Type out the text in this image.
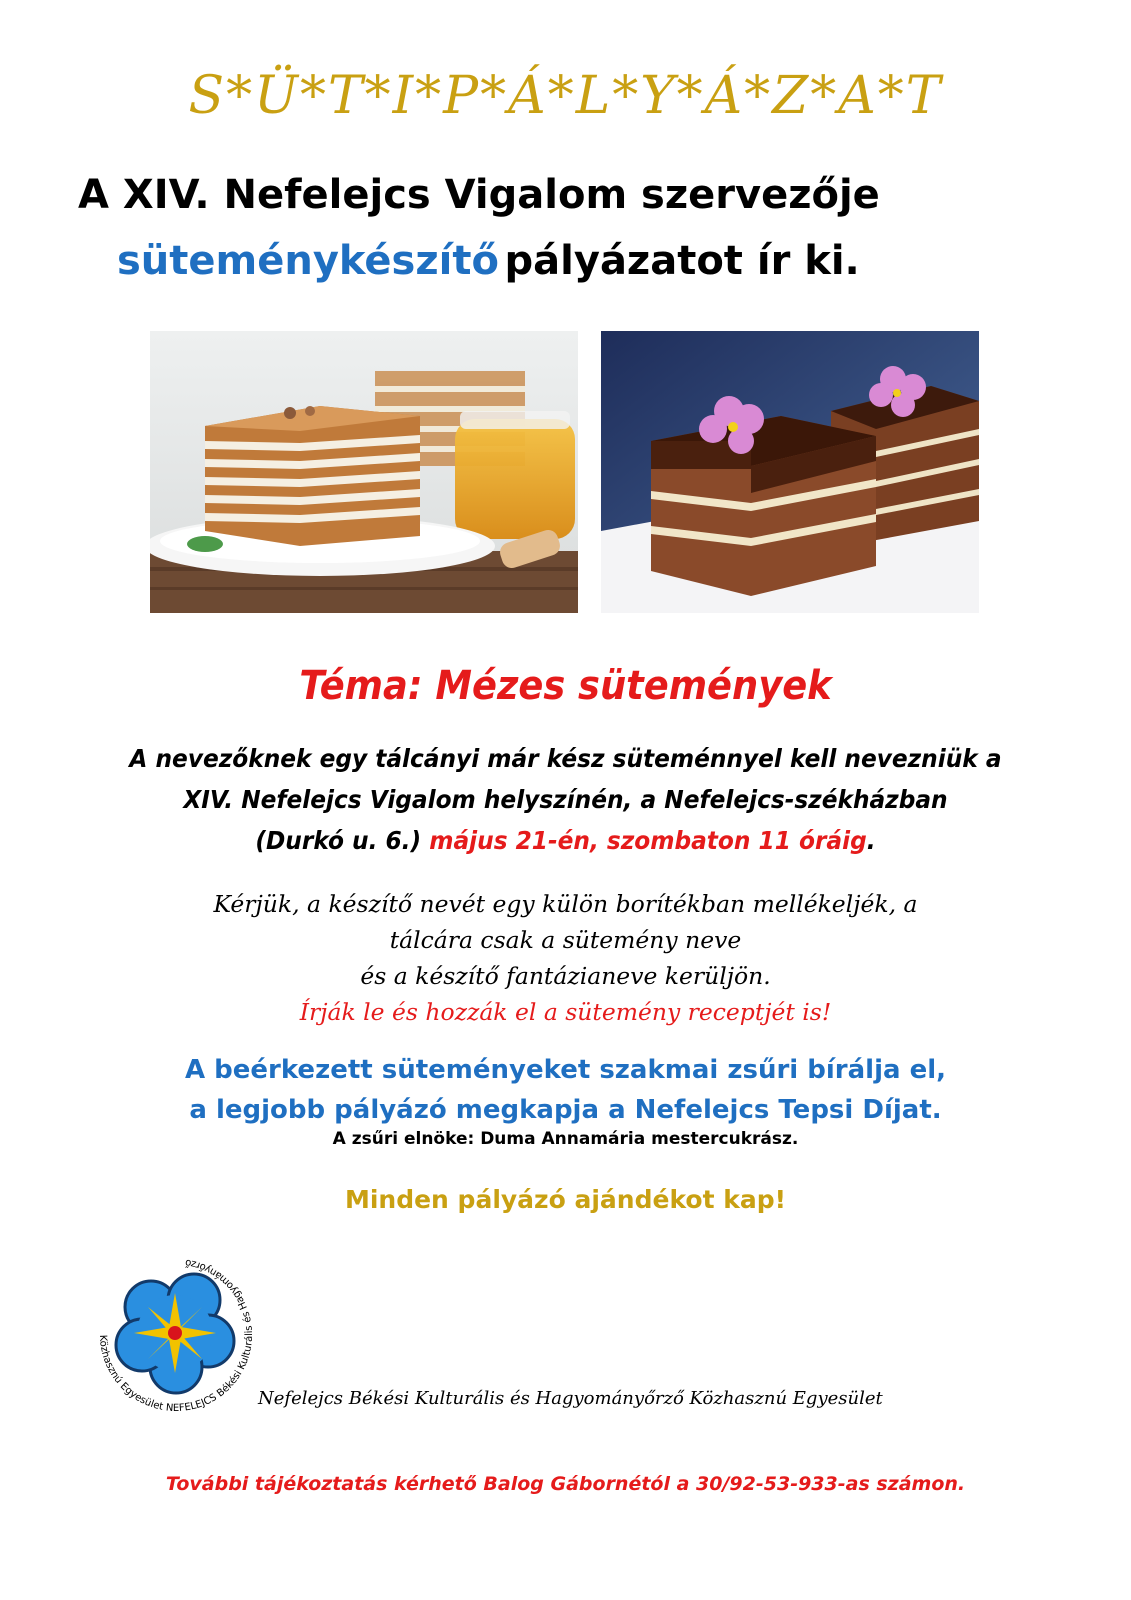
S*Ü*T*I*P*Á*L*Y*Á*Z*A*T
A XIV. Nefelejcs Vigalom szervezője
süteménykészítő pályázatot ír ki.
Téma: Mézes sütemények
A nevezőknek egy tálcányi már kész süteménnyel kell nevezniük a
XIV. Nefelejcs Vigalom helyszínén, a Nefelejcs-székházban
(Durkó u. 6.) május 21-én, szombaton 11 óráig.
Kérjük, a készítő nevét egy külön borítékban mellékeljék, a
tálcára csak a sütemény neve
és a készítő fantázianeve kerüljön.
Írják le és hozzák el a sütemény receptjét is!
A beérkezett süteményeket szakmai zsűri bírálja el,
a legjobb pályázó megkapja a Nefelejcs Tepsi Díjat.
A zsűri elnöke: Duma Annamária mestercukrász.
Minden pályázó ajándékot kap!
Közhasznú Egyesület NEFELEJCS Békési Kulturális és Hagyományőrző
Nefelejcs Békési Kulturális és Hagyományőrző Közhasznú Egyesület
További tájékoztatás kérhető Balog Gábornétól a 30/92-53-933-as számon.
